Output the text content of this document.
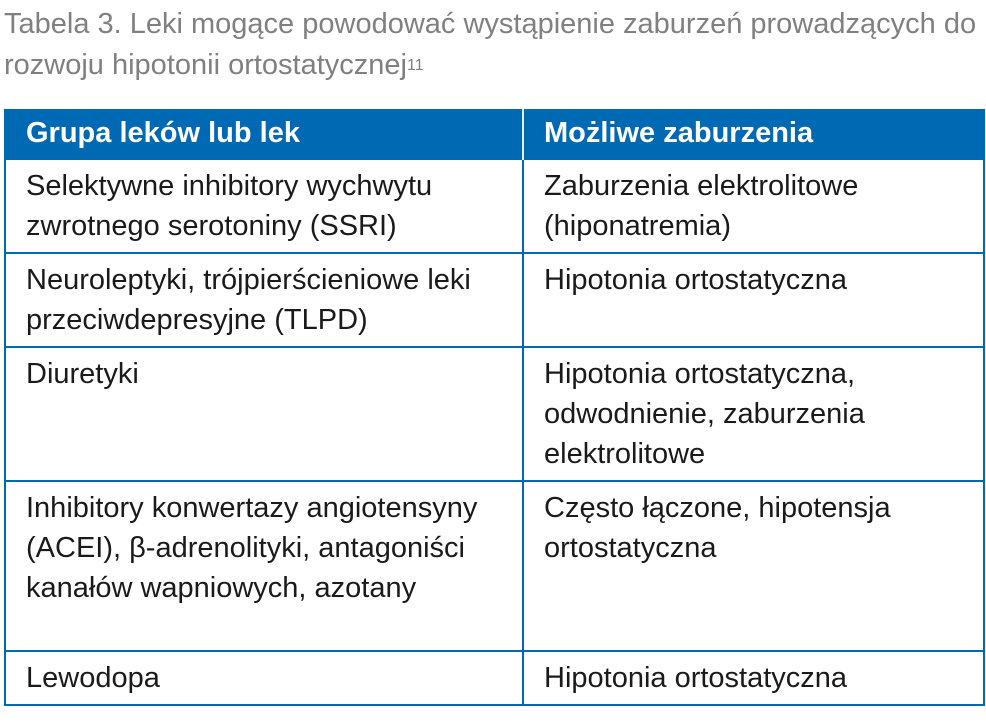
Tabela 3. Leki mogące powodować wystąpienie zaburzeń prowadzących do rozwoju hipotonii ortostatycznej$^{11}$
Grupa leków lub lek	Możliwe zaburzenia
Selektywne inhibitory wychwytu zwrotnego serotoniny (SSRI)	Zaburzenia elektrolitowe (hiponatremia)
Neuroleptyki, trójpierścieniowe leki przeciwdepresyjne (TLPD)	Hipotonia ortostatyczna
Diuretyki	Hipotonia ortostatyczna, odwodnienie, zaburzenia elektrolitowe
Inhibitory konwertazy angiotensyny (ACEI), β-adrenolityki, antagoniści kanałów wapniowych, azotany	Często łączone, hipotensja ortostatyczna
Lewodopa	Hipotonia ortostatyczna
